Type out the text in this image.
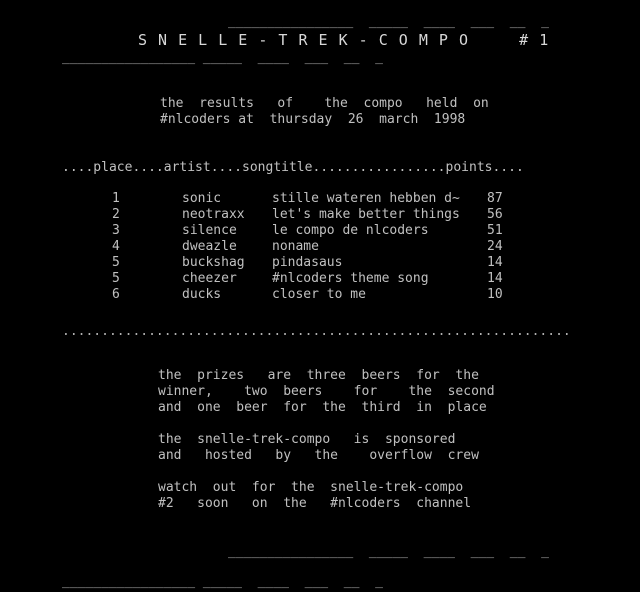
________________  _____  ____  ___  __  _
S N E L L E - T R E K - C O M P O     # 1
_________________ _____  ____  ___  __  _
the  results   of    the  compo   held  on
#nlcoders at  thursday  26  march  1998
....place....artist....songtitle.................points....
1	sonic	stille wateren hebben d~	87
2	neotraxx	let's make better things	56
3	silence	le compo de nlcoders	51
4	dweazle	noname	24
5	buckshag	pindasaus	14
5	cheezer	#nlcoders theme song	14
6	ducks	closer to me	10
.................................................................
the  prizes   are  three  beers  for  the
winner,    two  beers    for    the  second
and  one  beer  for  the  third  in  place
the  snelle-trek-compo   is  sponsored
and   hosted   by   the    overflow  crew
watch  out  for  the  snelle-trek-compo
#2   soon   on  the   #nlcoders  channel
________________  _____  ____  ___  __  _
_________________ _____  ____  ___  __  _
